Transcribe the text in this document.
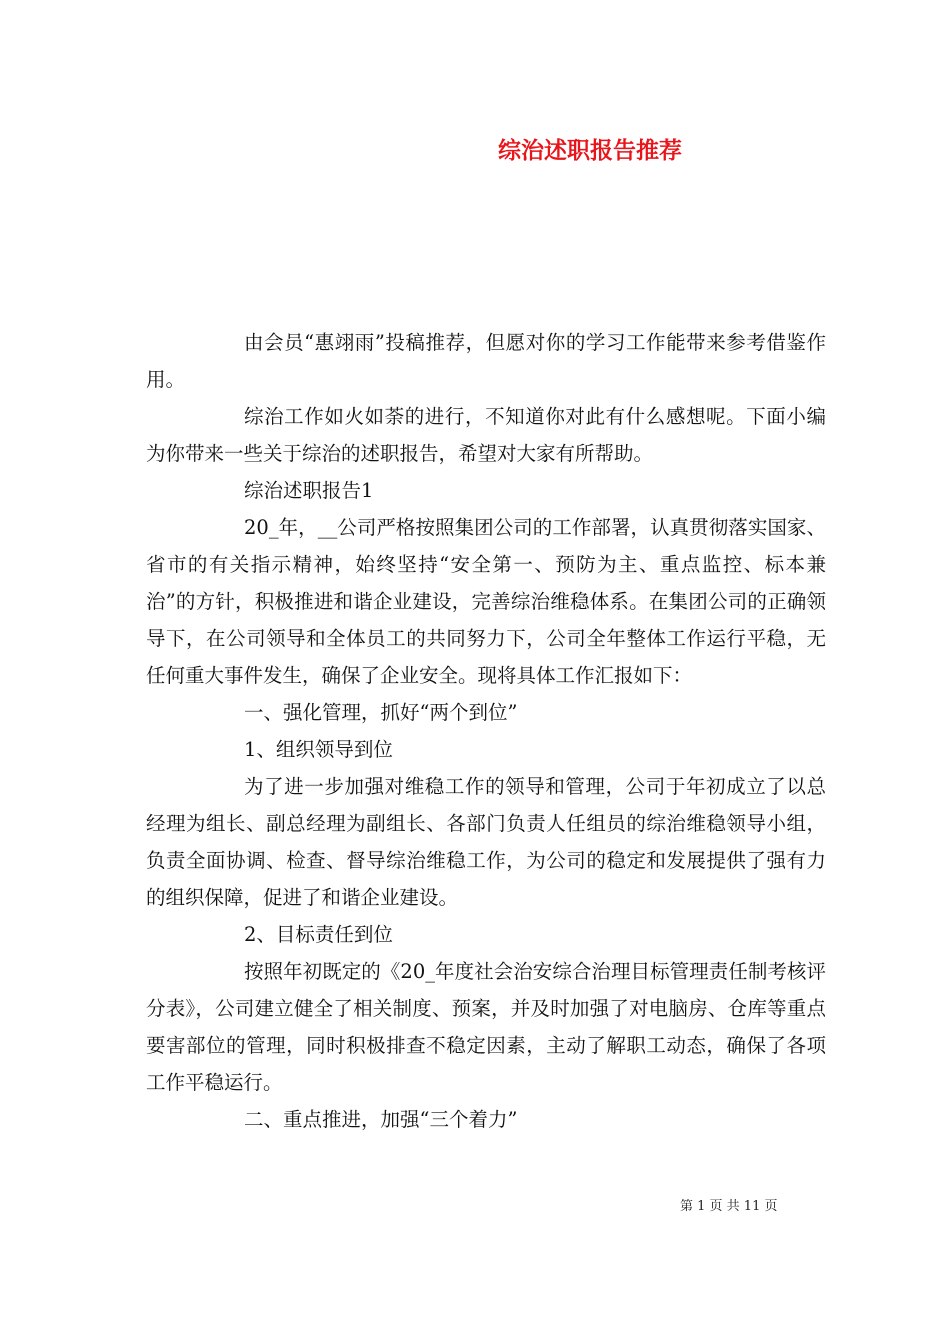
综治述职报告推荐

由会员“惠翊雨”投稿推荐，但愿对你的学习工作能带来参考借鉴作用。

综治工作如火如荼的进行，不知道你对此有什么感想呢。下面小编为你带来一些关于综治的述职报告，希望对大家有所帮助。

综治述职报告1

20_年，__公司严格按照集团公司的工作部署，认真贯彻落实国家、省市的有关指示精神，始终坚持“安全第一、预防为主、重点监控、标本兼治”的方针，积极推进和谐企业建设，完善综治维稳体系。在集团公司的正确领导下，在公司领导和全体员工的共同努力下，公司全年整体工作运行平稳，无任何重大事件发生，确保了企业安全。现将具体工作汇报如下：

一、强化管理，抓好“两个到位”

1、组织领导到位

为了进一步加强对维稳工作的领导和管理，公司于年初成立了以总经理为组长、副总经理为副组长、各部门负责人任组员的综治维稳领导小组，负责全面协调、检查、督导综治维稳工作，为公司的稳定和发展提供了强有力的组织保障，促进了和谐企业建设。

2、目标责任到位

按照年初既定的《20_年度社会治安综合治理目标管理责任制考核评分表》，公司建立健全了相关制度、预案，并及时加强了对电脑房、仓库等重点要害部位的管理，同时积极排查不稳定因素，主动了解职工动态，确保了各项工作平稳运行。

二、重点推进，加强“三个着力”

第 1 页 共 11 页
